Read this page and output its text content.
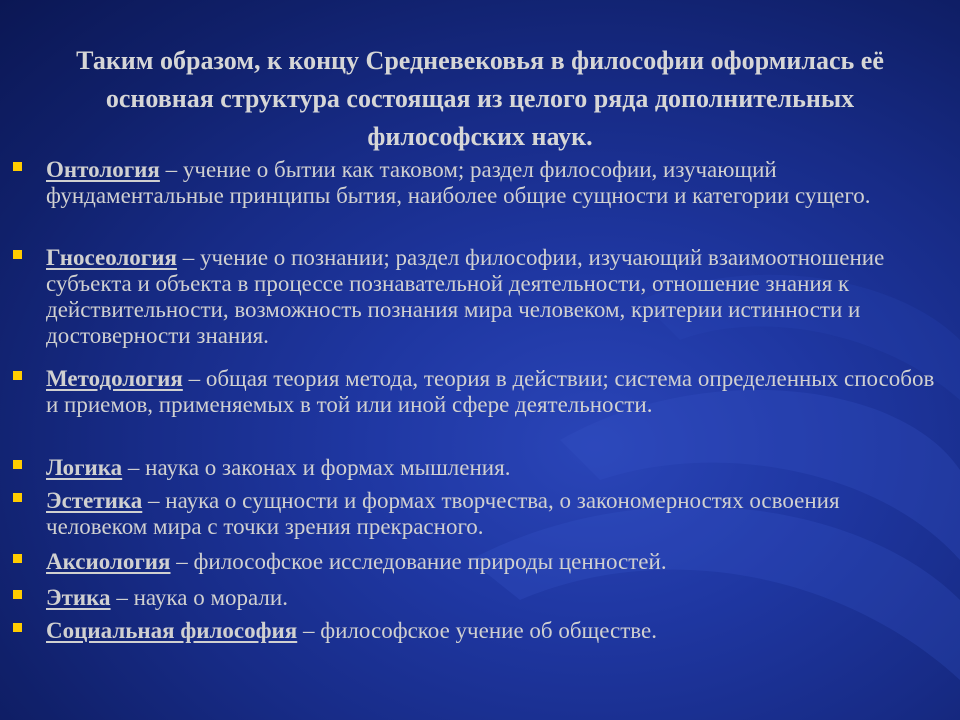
Таким образом, к концу Средневековья в философии оформилась её основная структура состоящая из целого ряда дополнительных философских наук.
Онтология – учение о бытии как таковом; раздел философии, изучающий фундаментальные принципы бытия, наиболее общие сущности и категории сущего.
Гносеология – учение о познании; раздел философии, изучающий взаимоотношение субъекта и объекта в процессе познавательной деятельности, отношение знания к действительности, возможность познания мира человеком, критерии истинности и достоверности знания.
Методология – общая теория метода, теория в действии; система определенных способов и приемов, применяемых в той или иной сфере деятельности.
Логика – наука о законах и формах мышления.
Эстетика – наука о сущности и формах творчества, о закономерностях освоения человеком мира с точки зрения прекрасного.
Аксиология – философское исследование природы ценностей.
Этика – наука о морали.
Социальная философия – философское учение об обществе.
